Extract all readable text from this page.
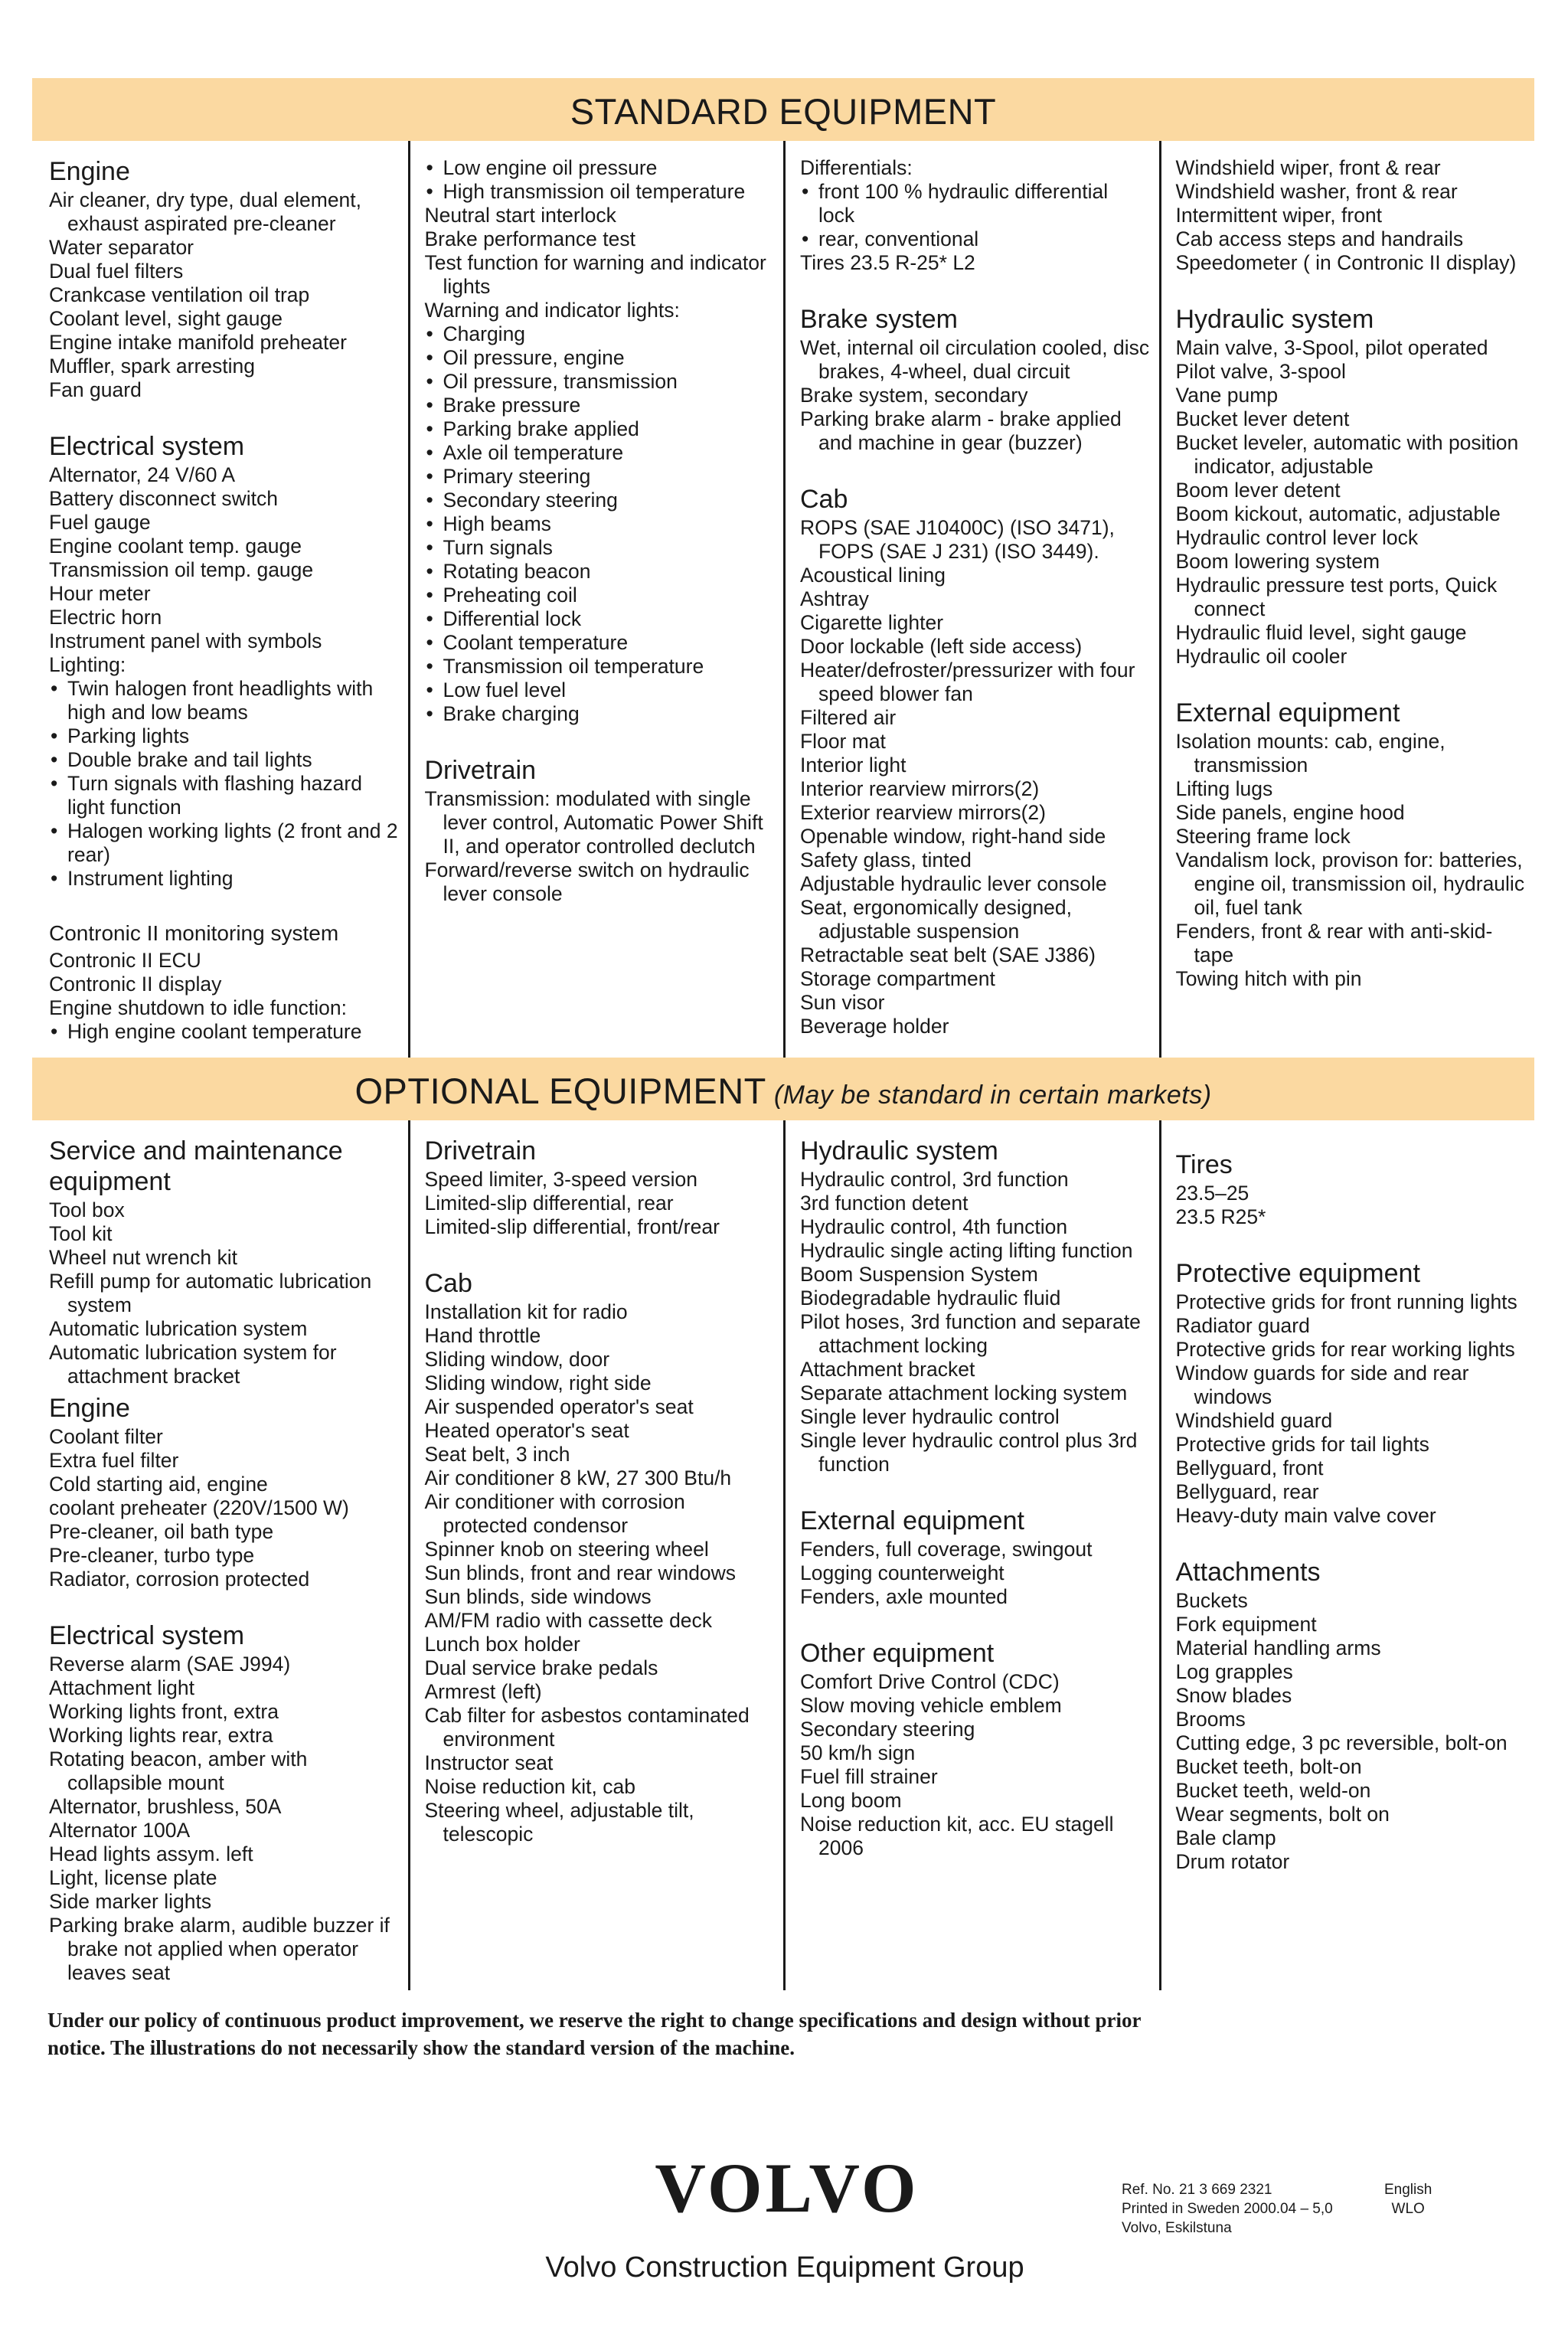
STANDARD EQUIPMENT
Engine
Air cleaner, dry type, dual element, exhaust aspirated pre-cleaner
Water separator
Dual fuel filters
Crankcase ventilation oil trap
Coolant level, sight gauge
Engine intake manifold preheater
Muffler, spark arresting
Fan guard
Electrical system
Alternator, 24 V/60 A
Battery disconnect switch
Fuel gauge
Engine coolant temp. gauge
Transmission oil temp. gauge
Hour meter
Electric horn
Instrument panel with symbols
Lighting:
• Twin halogen front headlights with high and low beams
• Parking lights
• Double brake and tail lights
• Turn signals with flashing hazard light function
• Halogen working lights (2 front and 2 rear)
• Instrument lighting
Contronic II monitoring system
Contronic II ECU
Contronic II display
Engine shutdown to idle function:
• High engine coolant temperature
• Low engine oil pressure
• High transmission oil temperature
Neutral start interlock
Brake performance test
Test function for warning and indicator lights
Warning and indicator lights:
• Charging
• Oil pressure, engine
• Oil pressure, transmission
• Brake pressure
• Parking brake applied
• Axle oil temperature
• Primary steering
• Secondary steering
• High beams
• Turn signals
• Rotating beacon
• Preheating coil
• Differential lock
• Coolant temperature
• Transmission oil temperature
• Low fuel level
• Brake charging
Drivetrain
Transmission: modulated with single lever control, Automatic Power Shift II, and operator controlled declutch
Forward/reverse switch on hydraulic lever console
Differentials:
• front 100 % hydraulic differential lock
• rear, conventional
Tires 23.5 R-25* L2
Brake system
Wet, internal oil circulation cooled, disc brakes, 4-wheel, dual circuit
Brake system, secondary
Parking brake alarm - brake applied and machine in gear (buzzer)
Cab
ROPS (SAE J10400C) (ISO 3471), FOPS (SAE J 231) (ISO 3449).
Acoustical lining
Ashtray
Cigarette lighter
Door lockable (left side access)
Heater/defroster/pressurizer with four speed blower fan
Filtered air
Floor mat
Interior light
Interior rearview mirrors(2)
Exterior rearview mirrors(2)
Openable window, right-hand side
Safety glass, tinted
Adjustable hydraulic lever console
Seat, ergonomically designed, adjustable suspension
Retractable seat belt (SAE J386)
Storage compartment
Sun visor
Beverage holder
Windshield wiper, front & rear
Windshield washer, front & rear
Intermittent wiper, front
Cab access steps and handrails
Speedometer ( in Contronic II display)
Hydraulic system
Main valve, 3-Spool, pilot operated
Pilot valve, 3-spool
Vane pump
Bucket lever detent
Bucket leveler, automatic with position indicator, adjustable
Boom lever detent
Boom kickout, automatic, adjustable
Hydraulic control lever lock
Boom lowering system
Hydraulic pressure test ports, Quick connect
Hydraulic fluid level, sight gauge
Hydraulic oil cooler
External equipment
Isolation mounts: cab, engine, transmission
Lifting lugs
Side panels, engine hood
Steering frame lock
Vandalism lock, provison for: batteries, engine oil, transmission oil, hydraulic oil, fuel tank
Fenders, front & rear with anti-skid-tape
Towing hitch with pin
OPTIONAL EQUIPMENT (May be standard in certain markets)
Service and maintenance equipment
Tool box
Tool kit
Wheel nut wrench kit
Refill pump for automatic lubrication system
Automatic lubrication system
Automatic lubrication system for attachment bracket
Engine
Coolant filter
Extra fuel filter
Cold starting aid, engine
coolant preheater (220V/1500 W)
Pre-cleaner, oil bath type
Pre-cleaner, turbo type
Radiator, corrosion protected
Electrical system
Reverse alarm (SAE J994)
Attachment light
Working lights front, extra
Working lights rear, extra
Rotating beacon, amber with collapsible mount
Alternator, brushless, 50A
Alternator 100A
Head lights assym. left
Light, license plate
Side marker lights
Parking brake alarm, audible buzzer if brake not applied when operator leaves seat
Drivetrain
Speed limiter, 3-speed version
Limited-slip differential, rear
Limited-slip differential, front/rear
Cab
Installation kit for radio
Hand throttle
Sliding window, door
Sliding window, right side
Air suspended operator's seat
Heated operator's seat
Seat belt, 3 inch
Air conditioner 8 kW, 27 300 Btu/h
Air conditioner with corrosion protected condensor
Spinner knob on steering wheel
Sun blinds, front and rear windows
Sun blinds, side windows
AM/FM radio with cassette deck
Lunch box holder
Dual service brake pedals
Armrest (left)
Cab filter for asbestos contaminated environment
Instructor seat
Noise reduction kit, cab
Steering wheel, adjustable tilt, telescopic
Hydraulic system
Hydraulic control, 3rd function
3rd function detent
Hydraulic control, 4th function
Hydraulic single acting lifting function
Boom Suspension System
Biodegradable hydraulic fluid
Pilot hoses, 3rd function and separate attachment locking
Attachment bracket
Separate attachment locking system
Single lever hydraulic control
Single lever hydraulic control plus 3rd function
External equipment
Fenders, full coverage, swingout
Logging counterweight
Fenders, axle mounted
Other equipment
Comfort Drive Control (CDC)
Slow moving vehicle emblem
Secondary steering
50 km/h sign
Fuel fill strainer
Long boom
Noise reduction kit, acc. EU stagell 2006
Tires
23.5–25
23.5 R25*
Protective equipment
Protective grids for front running lights
Radiator guard
Protective grids for rear working lights
Window guards for side and rear windows
Windshield guard
Protective grids for tail lights
Bellyguard, front
Bellyguard, rear
Heavy-duty main valve cover
Attachments
Buckets
Fork equipment
Material handling arms
Log grapples
Snow blades
Brooms
Cutting edge, 3 pc reversible, bolt-on
Bucket teeth, bolt-on
Bucket teeth, weld-on
Wear segments, bolt on
Bale clamp
Drum rotator
Under our policy of continuous product improvement, we reserve the right to change specifications and design without prior notice. The illustrations do not necessarily show the standard version of the machine.
VOLVO
Volvo Construction Equipment Group
Ref. No. 21 3 669 2321
Printed in Sweden 2000.04 – 5,0
Volvo, Eskilstuna
English
WLO
